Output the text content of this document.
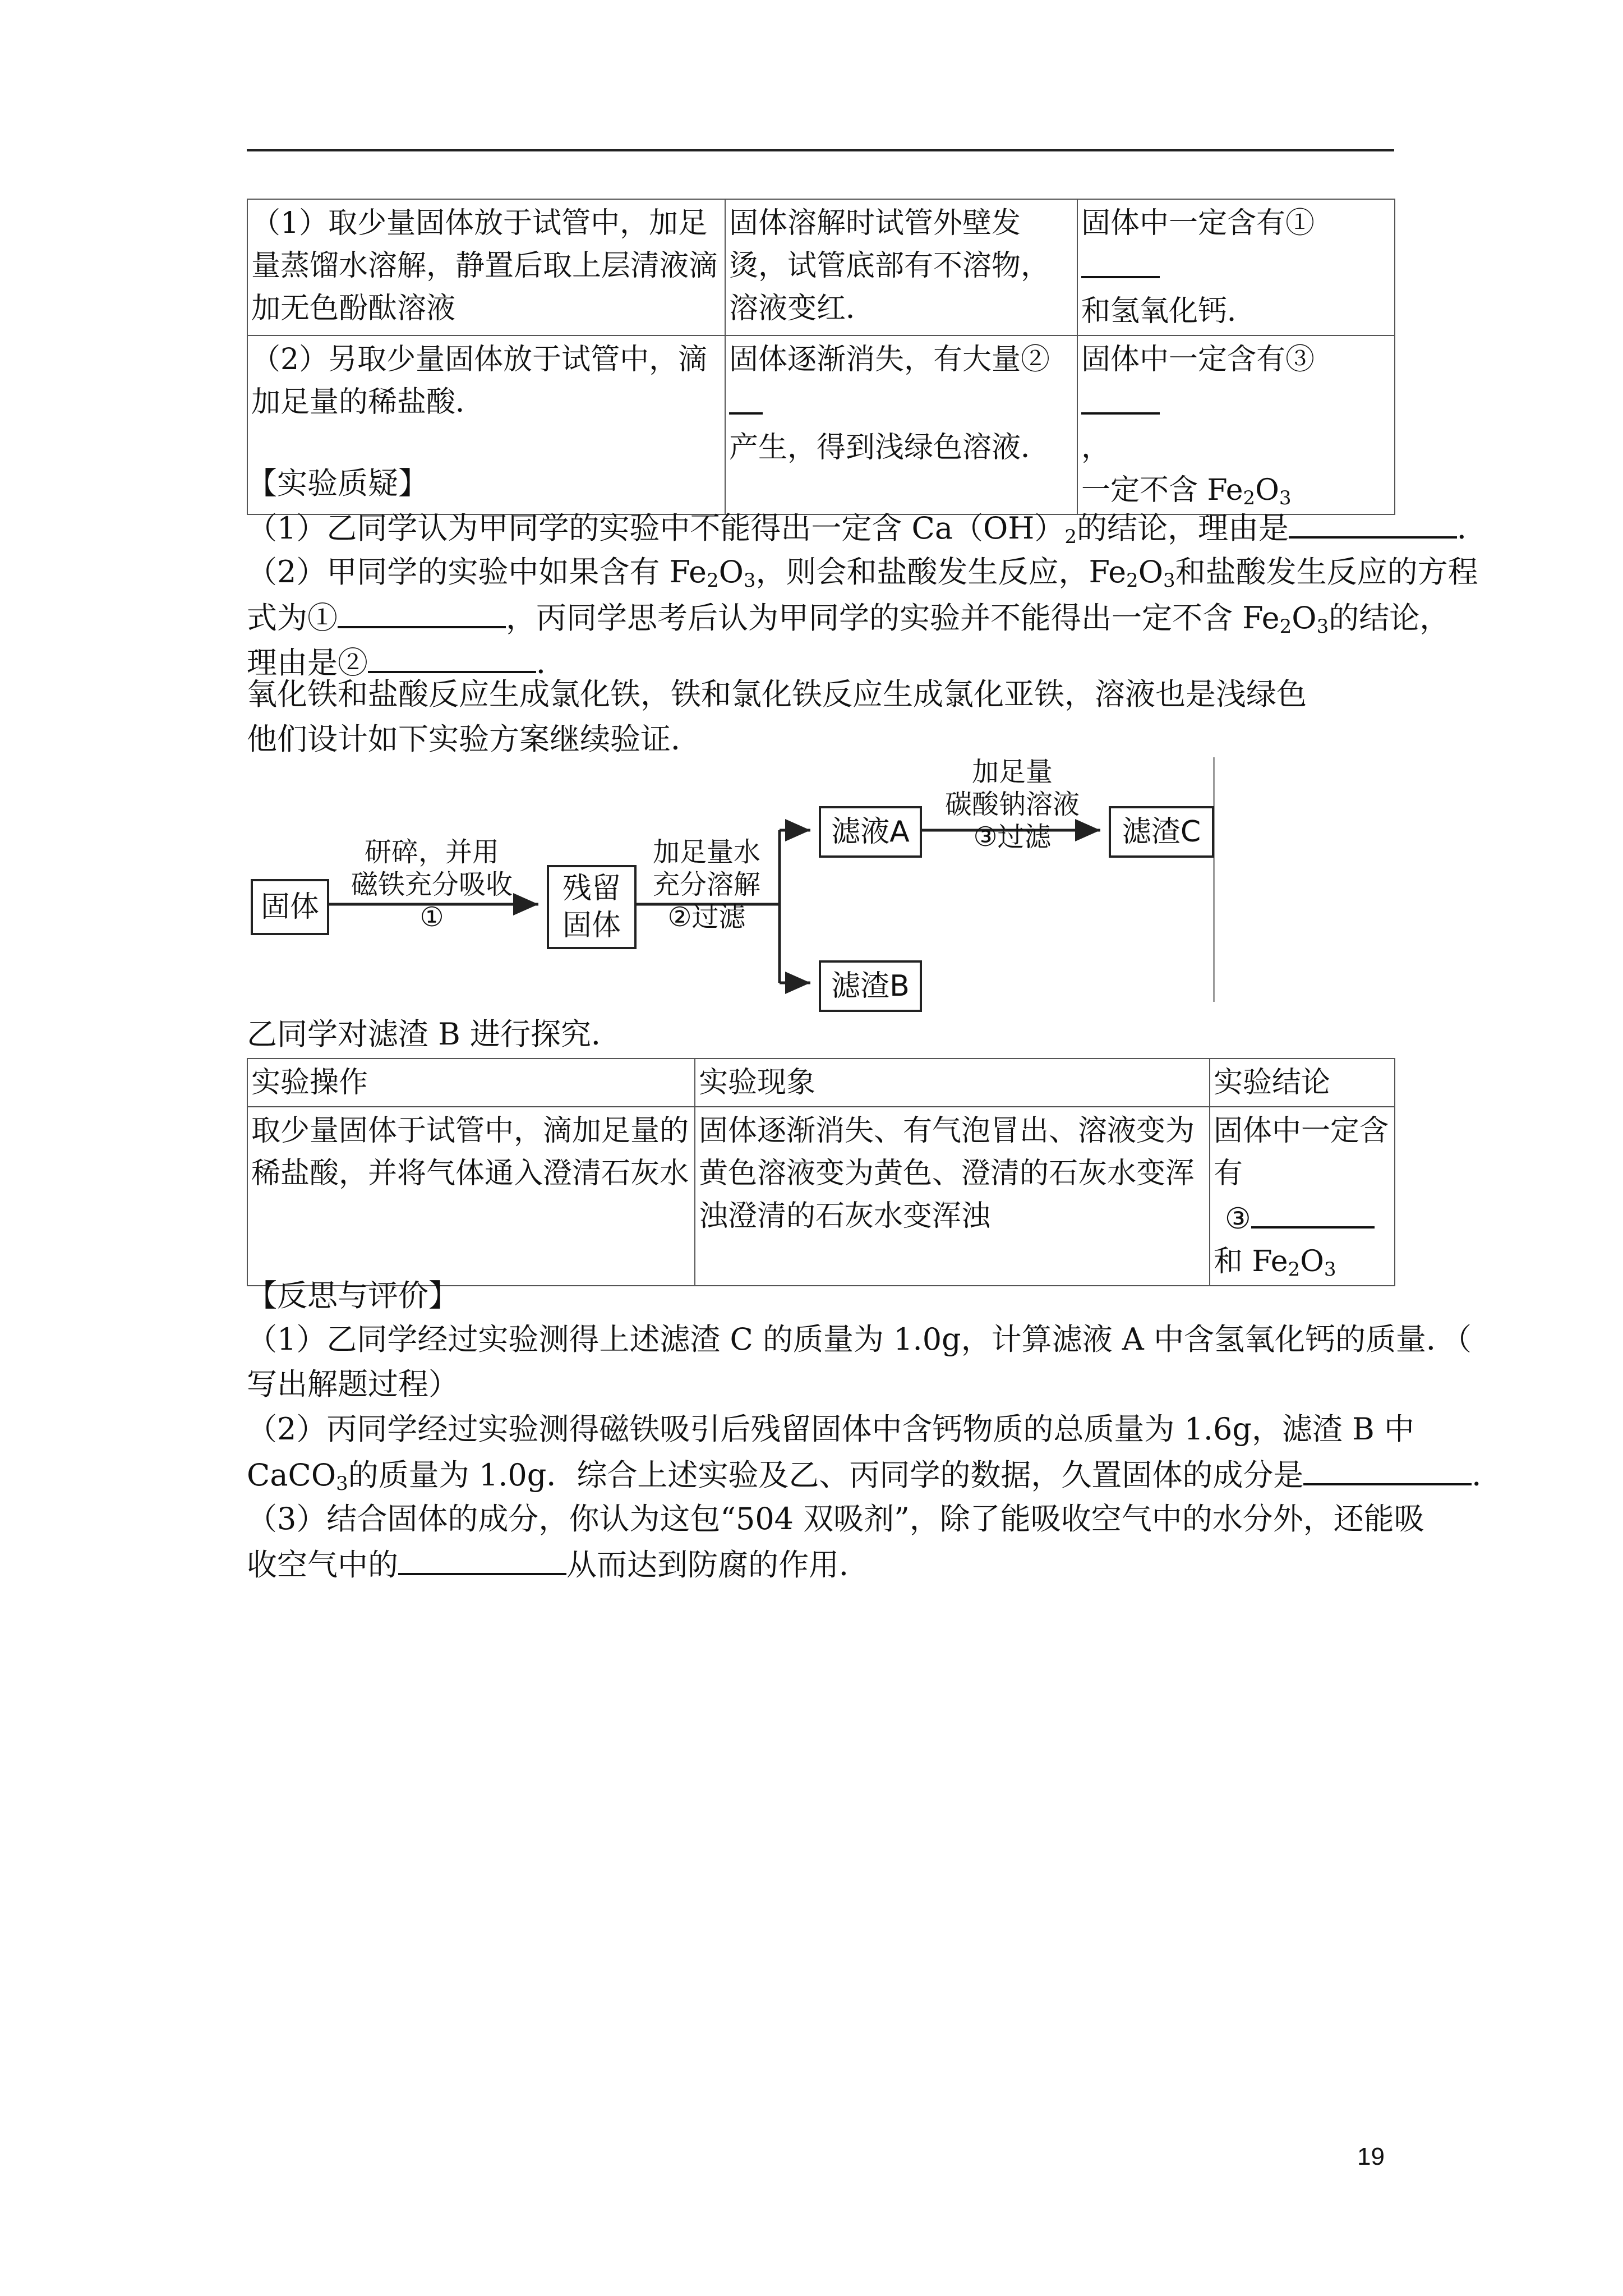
（1）取少量固体放于试管中，加足量蒸馏水溶解，静置后取上层清液滴加无色酚酞溶液	固体溶解时试管外壁发烫，试管底部有不溶物，溶液变红．	固体中一定含有①
和氢氧化钙．
（2）另取少量固体放于试管中，滴加足量的稀盐酸．	固体逐渐消失，有大量②
产生，得到浅绿色溶液．	固体中一定含有③
，
一定不含 $Fe_2O_3$
【实验质疑】
（1）乙同学认为甲同学的实验中不能得出一定含 $Ca(OH)_2$的结论，理由是	．
（2）甲同学的实验中如果含有 $Fe_2O_3$，则会和盐酸发生反应，$Fe_2O_3$和盐酸发生反应的方程
式为①	，丙同学思考后认为甲同学的实验并不能得出一定不含 $Fe_2O_3$的结论，
理由是②	．
氧化铁和盐酸反应生成氯化铁，铁和氯化铁反应生成氯化亚铁，溶液也是浅绿色
他们设计如下实验方案继续验证．
固体
研碎，并用
磁铁充分吸收
①
残留
固体
加足量水
充分溶解
②过滤
滤液A
滤渣B
加足量
碳酸钠溶液
③过滤	滤渣C
乙同学对滤渣 B 进行探究．
实验操作	实验现象	实验结论
取少量固体于试管中，滴加足量的稀盐酸，并将气体通入澄清石灰水	固体逐渐消失、有气泡冒出、溶液变为黄色溶液变为黄色、澄清的石灰水变浑浊澄清的石灰水变浑浊	固体中一定含有
③
和 $Fe_2O_3$
【反思与评价】
（1）乙同学经过实验测得上述滤渣 C 的质量为 1.0g，计算滤液 A 中含氢氧化钙的质量．（
写出解题过程）
（2）丙同学经过实验测得磁铁吸引后残留固体中含钙物质的总质量为 1.6g，滤渣 B 中
CaCO$_3$的质量为 1.0g．综合上述实验及乙、丙同学的数据，久置固体的成分是	．
（3）结合固体的成分，你认为这包“504 双吸剂”，除了能吸收空气中的水分外，还能吸
收空气中的	从而达到防腐的作用．
19
